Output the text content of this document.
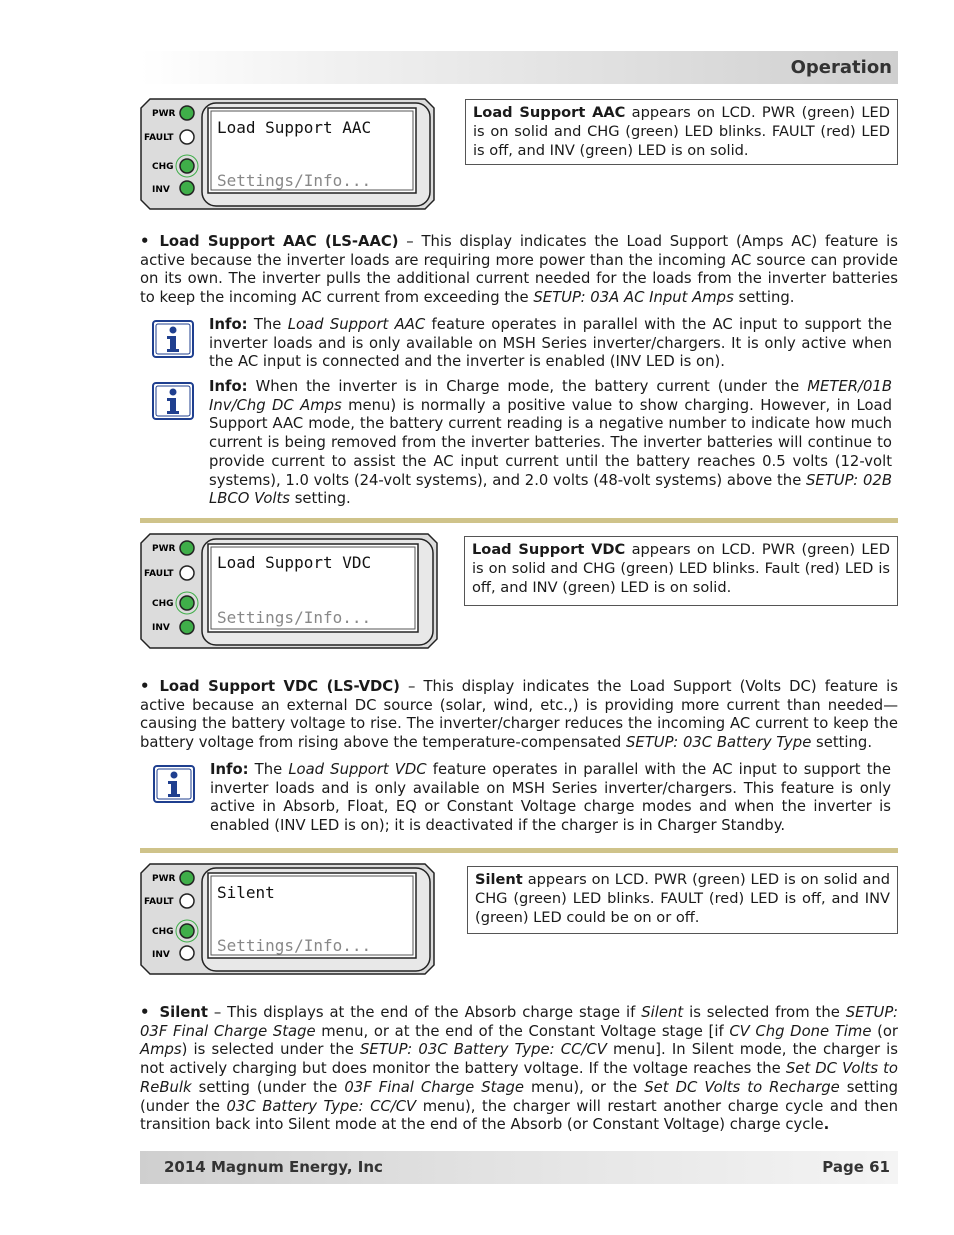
Operation
PWR
FAULT
CHG
INV
Load Support AAC
Settings/Info...
Load Support AAC appears on LCD. PWR (green) LED is on solid and CHG (green) LED blinks. FAULT (red) LED is off, and INV (green) LED is on solid.
• Load Support AAC (LS-AAC) – This display indicates the Load Support (Amps AC) feature is active because the inverter loads are requiring more power than the incoming AC source can provide on its own. The inverter pulls the additional current needed for the loads from the inverter batteries to keep the incoming AC current from exceeding the SETUP: 03A AC Input Amps setting.
Info: The Load Support AAC feature operates in parallel with the AC input to support the inverter loads and is only available on MSH Series inverter/chargers. It is only active when the AC input is connected and the inverter is enabled (INV LED is on).
Info: When the inverter is in Charge mode, the battery current (under the METER/01B Inv/Chg DC Amps menu) is normally a positive value to show charging. However, in Load Support AAC mode, the battery current reading is a negative number to indicate how much current is being removed from the inverter batteries. The inverter batteries will continue to provide current to assist the AC input current until the battery reaches 0.5 volts (12-volt systems), 1.0 volts (24-volt systems), and 2.0 volts (48-volt systems) above the SETUP: 02B LBCO Volts setting.
PWR
FAULT
CHG
INV
Load Support VDC
Settings/Info...
Load Support VDC appears on LCD. PWR (green) LED is on solid and CHG (green) LED blinks. Fault (red) LED is off, and INV (green) LED is on solid.
• Load Support VDC (LS-VDC) – This display indicates the Load Support (Volts DC) feature is active because an external DC source (solar, wind, etc.,) is providing more current than needed—causing the battery voltage to rise. The inverter/charger reduces the incoming AC current to keep the battery voltage from rising above the temperature-compensated SETUP: 03C Battery Type setting.
Info: The Load Support VDC feature operates in parallel with the AC input to support the inverter loads and is only available on MSH Series inverter/chargers. This feature is only active in Absorb, Float, EQ or Constant Voltage charge modes and when the inverter is enabled (INV LED is on); it is deactivated if the charger is in Charger Standby.
PWR
FAULT
CHG
INV
Silent
Settings/Info...
Silent appears on LCD. PWR (green) LED is on solid and CHG (green) LED blinks. FAULT (red) LED is off, and INV (green) LED could be on or off.
• Silent – This displays at the end of the Absorb charge stage if Silent is selected from the SETUP: 03F Final Charge Stage menu, or at the end of the Constant Voltage stage [if CV Chg Done Time (or Amps) is selected under the SETUP: 03C Battery Type: CC/CV menu]. In Silent mode, the charger is not actively charging but does monitor the battery voltage. If the voltage reaches the Set DC Volts to ReBulk setting (under the 03F Final Charge Stage menu), or the Set DC Volts to Recharge setting (under the 03C Battery Type: CC/CV menu), the charger will restart another charge cycle and then transition back into Silent mode at the end of the Absorb (or Constant Voltage) charge cycle.
2014 Magnum Energy, Inc	Page 61
